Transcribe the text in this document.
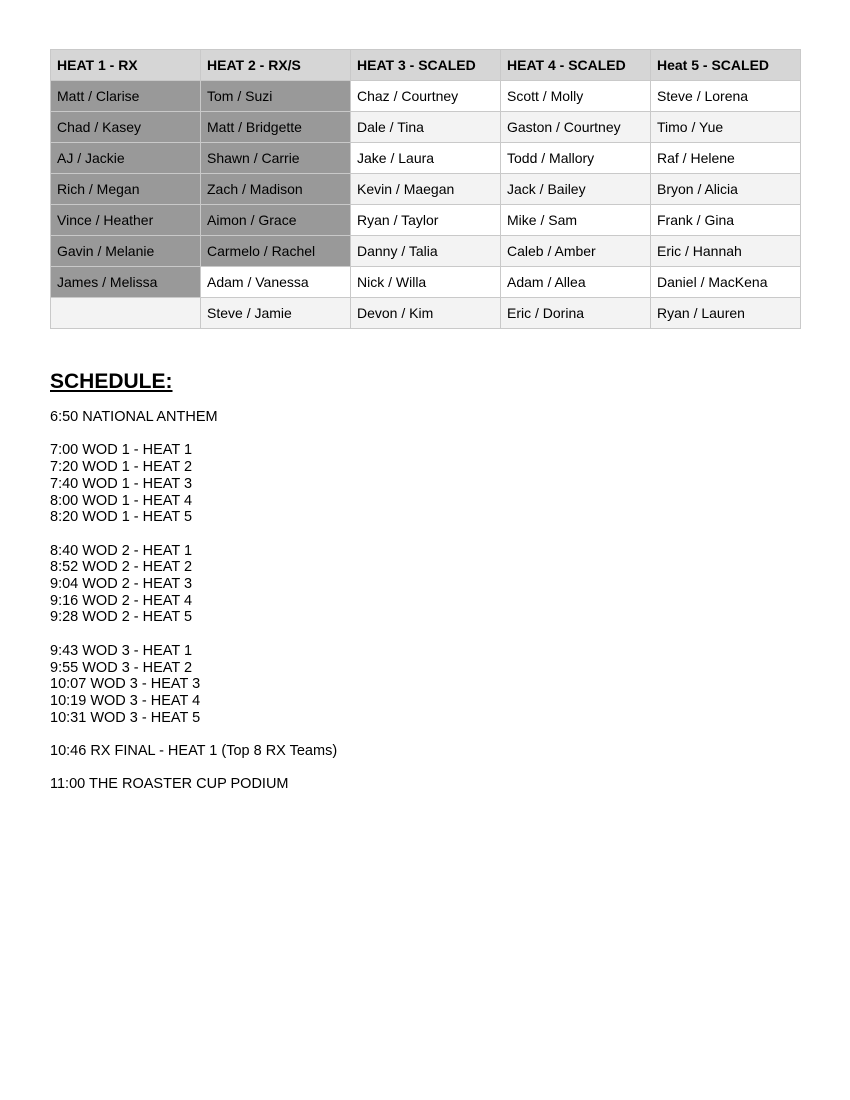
HEAT 1 - RX	HEAT 2 - RX/S	HEAT 3 - SCALED	HEAT 4 - SCALED	Heat 5 - SCALED
Matt / Clarise	Tom / Suzi	Chaz / Courtney	Scott / Molly	Steve / Lorena
Chad / Kasey	Matt / Bridgette	Dale / Tina	Gaston / Courtney	Timo / Yue
AJ / Jackie	Shawn / Carrie	Jake / Laura	Todd / Mallory	Raf / Helene
Rich / Megan	Zach / Madison	Kevin / Maegan	Jack / Bailey	Bryon / Alicia
Vince / Heather	Aimon / Grace	Ryan / Taylor	Mike / Sam	Frank / Gina
Gavin / Melanie	Carmelo / Rachel	Danny / Talia	Caleb / Amber	Eric / Hannah
James / Melissa	Adam / Vanessa	Nick / Willa	Adam / Allea	Daniel / MacKena
	Steve / Jamie	Devon / Kim	Eric / Dorina	Ryan / Lauren
SCHEDULE:
6:50 NATIONAL ANTHEM
7:00 WOD 1 - HEAT 1
7:20 WOD 1 - HEAT 2
7:40 WOD 1 - HEAT 3
8:00 WOD 1 - HEAT 4
8:20 WOD 1 - HEAT 5
8:40 WOD 2 - HEAT 1
8:52 WOD 2 - HEAT 2
9:04 WOD 2 - HEAT 3
9:16 WOD 2 - HEAT 4
9:28 WOD 2 - HEAT 5
9:43 WOD 3 - HEAT 1
9:55 WOD 3 - HEAT 2
10:07 WOD 3 - HEAT 3
10:19 WOD 3 - HEAT 4
10:31 WOD 3 - HEAT 5
10:46 RX FINAL - HEAT 1 (Top 8 RX Teams)
11:00 THE ROASTER CUP PODIUM
